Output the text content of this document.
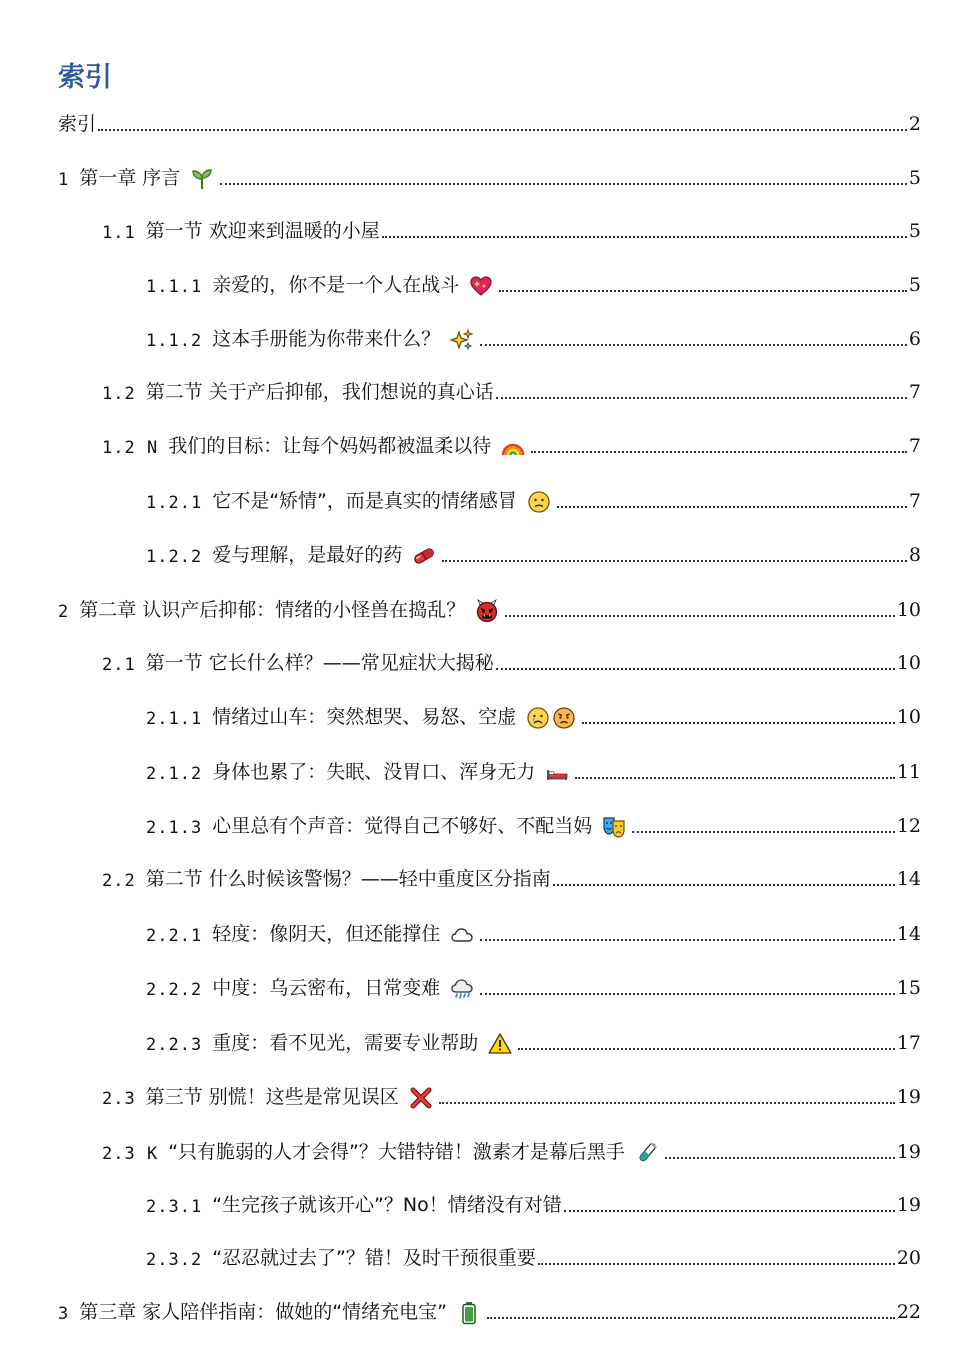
索引
索引	2
1 第一章 序言	5
1.1 第一节 欢迎来到温暖的小屋	5
1.1.1 亲爱的，你不是一个人在战斗	5
1.1.2 这本手册能为你带来什么？	6
1.2 第二节 关于产后抑郁，我们想说的真心话	7
1.2 N 我们的目标：让每个妈妈都被温柔以待	7
1.2.1 它不是“矫情”，而是真实的情绪感冒	7
1.2.2 爱与理解，是最好的药	8
2 第二章 认识产后抑郁：情绪的小怪兽在捣乱？	10
2.1 第一节 它长什么样？——常见症状大揭秘	10
2.1.1 情绪过山车：突然想哭、易怒、空虚	10
2.1.2 身体也累了：失眠、没胃口、浑身无力	11
2.1.3 心里总有个声音：觉得自己不够好、不配当妈	12
2.2 第二节 什么时候该警惕？——轻中重度区分指南	14
2.2.1 轻度：像阴天，但还能撑住	14
2.2.2 中度：乌云密布，日常变难	15
2.2.3 重度：看不见光，需要专业帮助	17
2.3 第三节 别慌！这些是常见误区	19
2.3 K “只有脆弱的人才会得”？大错特错！激素才是幕后黑手	19
2.3.1 “生完孩子就该开心”？No！情绪没有对错	19
2.3.2 “忍忍就过去了”？错！及时干预很重要	20
3 第三章 家人陪伴指南：做她的“情绪充电宝”	22
